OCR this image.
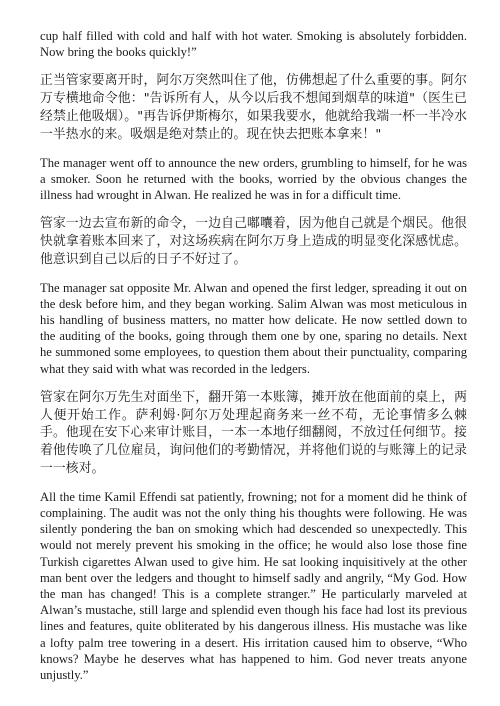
cup half filled with cold and half with hot water. Smoking is absolutely forbidden. Now bring the books quickly!”

正当管家要离开时，阿尔万突然叫住了他，仿佛想起了什么重要的事。阿尔万专横地命令他："告诉所有人，从今以后我不想闻到烟草的味道"（医生已经禁止他吸烟）。"再告诉伊斯梅尔，如果我要水，他就给我端一杯一半冷水一半热水的来。吸烟是绝对禁止的。现在快去把账本拿来！"

The manager went off to announce the new orders, grumbling to himself, for he was a smoker. Soon he returned with the books, worried by the obvious changes the illness had wrought in Alwan. He realized he was in for a difficult time.

管家一边去宣布新的命令，一边自己嘟囔着，因为他自己就是个烟民。他很快就拿着账本回来了，对这场疾病在阿尔万身上造成的明显变化深感忧虑。他意识到自己以后的日子不好过了。

The manager sat opposite Mr. Alwan and opened the first ledger, spreading it out on the desk before him, and they began working. Salim Alwan was most meticulous in his handling of business matters, no matter how delicate. He now settled down to the auditing of the books, going through them one by one, sparing no details. Next he summoned some employees, to question them about their punctuality, comparing what they said with what was recorded in the ledgers.

管家在阿尔万先生对面坐下，翻开第一本账簿，摊开放在他面前的桌上，两人便开始工作。萨利姆·阿尔万处理起商务来一丝不苟，无论事情多么棘手。他现在安下心来审计账目，一本一本地仔细翻阅，不放过任何细节。接着他传唤了几位雇员，询问他们的考勤情况，并将他们说的与账簿上的记录一一核对。

All the time Kamil Effendi sat patiently, frowning; not for a moment did he think of complaining. The audit was not the only thing his thoughts were following. He was silently pondering the ban on smoking which had descended so unexpectedly. This would not merely prevent his smoking in the office; he would also lose those fine Turkish cigarettes Alwan used to give him. He sat looking inquisitively at the other man bent over the ledgers and thought to himself sadly and angrily, “My God. How the man has changed! This is a complete stranger.” He particularly marveled at Alwan’s mustache, still large and splendid even though his face had lost its previous lines and features, quite obliterated by his dangerous illness. His mustache was like a lofty palm tree towering in a desert. His irritation caused him to observe, “Who knows? Maybe he deserves what has happened to him. God never treats anyone unjustly.”
